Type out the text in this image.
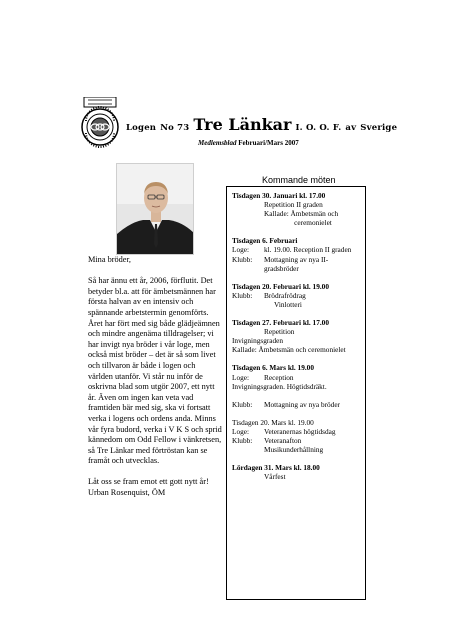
Logen No 73 Tre Länkar I. O. O. F. av Sverige
Medlemsblad Februari/Mars 2007

Mina bröder,

Så har ännu ett år, 2006, förflutit. Det betyder bl.a. att för ämbetsmännen har första halvan av en intensiv och spännande arbetstermin genomförts. Året har fört med sig både glädjeämnen och mindre angenäma tilldragelser; vi har invigt nya bröder i vår loge, men också mist bröder – det är så som livet och tillvaron är både i logen och världen utanför. Vi står nu inför de oskrivna blad som utgör 2007, ett nytt år. Även om ingen kan veta vad framtiden bär med sig, ska vi fortsatt verka i logens och ordens anda. Minns vår fyra budord, verka i V K S och sprid kännedom om Odd Fellow i vänkretsen, så Tre Länkar med förtröstan kan se framåt och utvecklas.

Låt oss se fram emot ett gott nytt år!

Urban Rosenquist, ÖM

Kommande möten
Tisdagen 30. Januari kl. 17.00
Repetition II graden
Kallade: Ämbetsmän och
ceremonielet
Tisdagen 6. Februari
Loge:	kl. 19.00. Reception II graden
Klubb:	Mottagning av nya II-gradsbröder
Tisdagen 20. Februari kl. 19.00
Klubb:	Brödrafrödrag
Vinlotteri
Tisdagen 27. Februari kl. 17.00
Repetition
Invigningsgraden
Kallade: Ämbetsmän och ceremonielet
Tisdagen 6. Mars kl. 19.00
Loge:	Reception
Invigningsgraden. Högtidsdräkt.
Klubb:	Mottagning av nya bröder
Tisdagen 20. Mars kl. 19.00
Loge:	Veteranernas högtidsdag
Klubb:	Veteranafton Musikunderhållning
Lördagen 31. Mars kl. 18.00
Vårfest
